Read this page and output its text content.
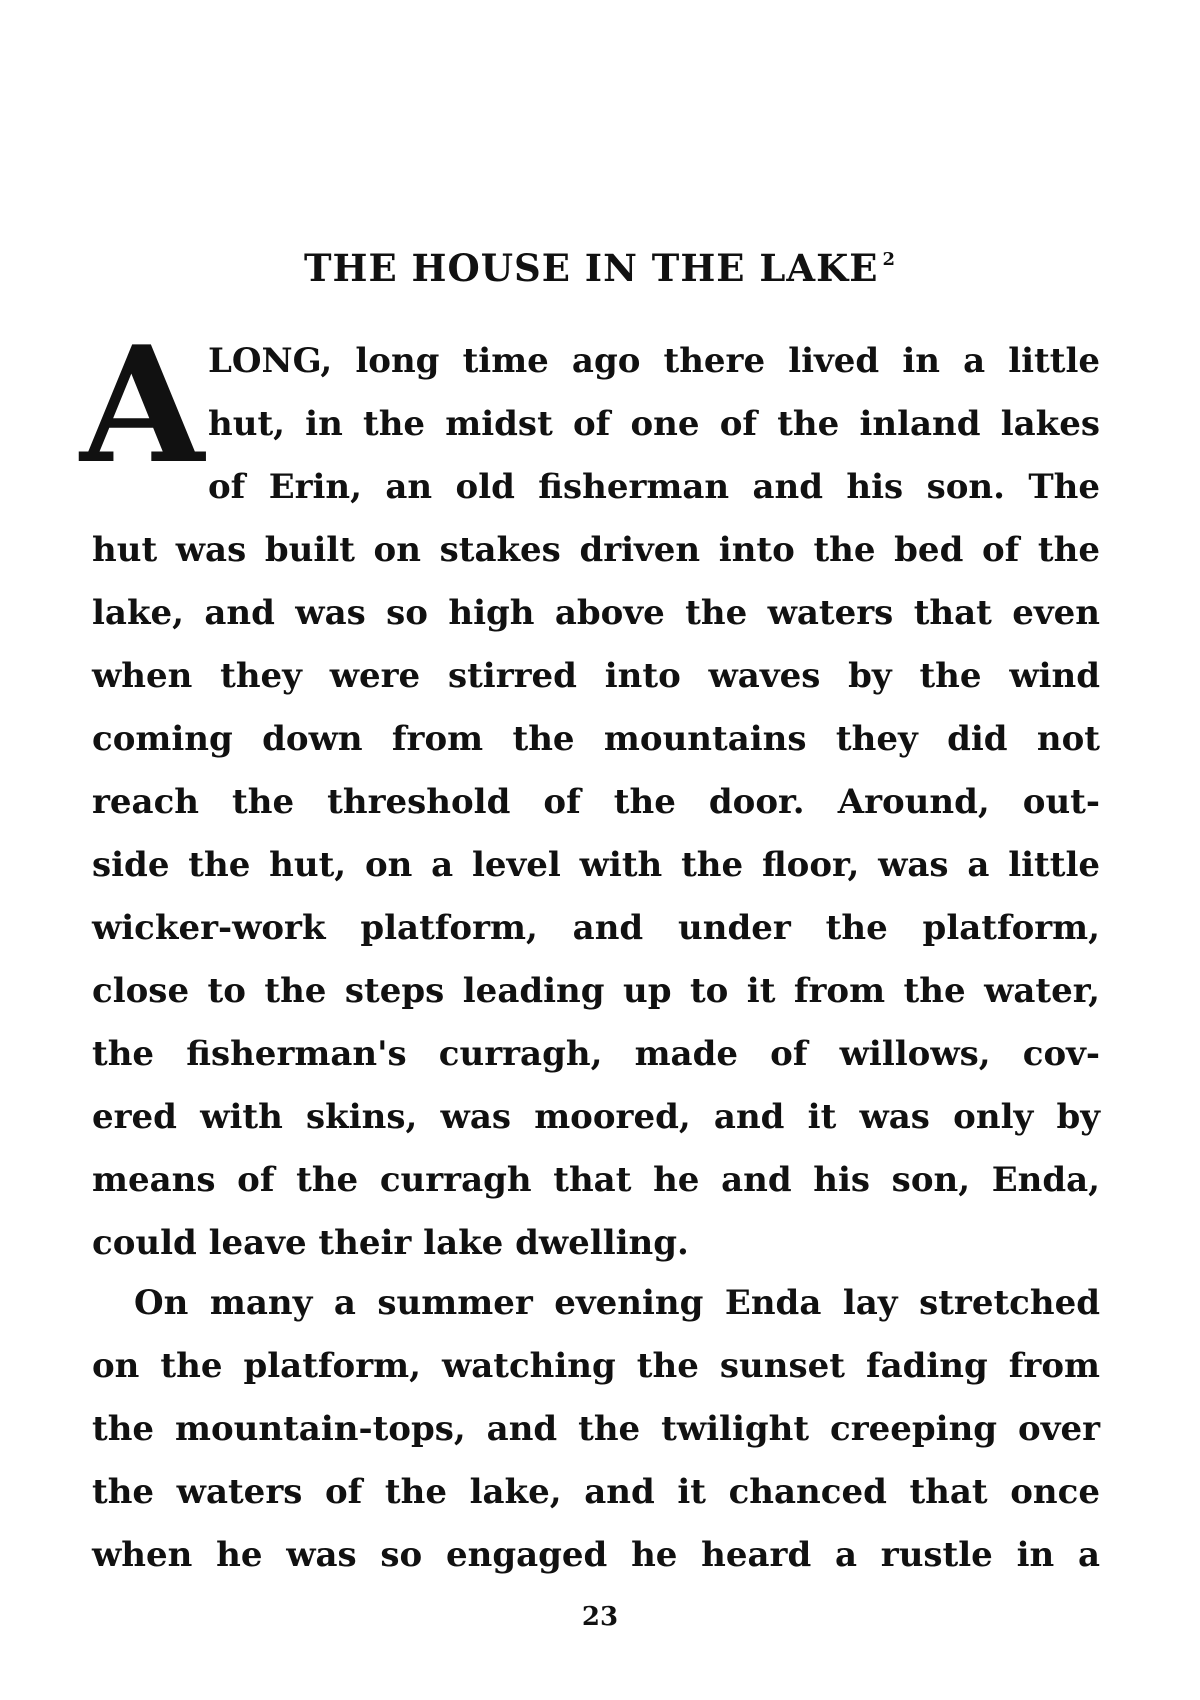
THE HOUSE IN THE LAKE $^2$
A LONG, long time ago there lived in a little
hut, in the midst of one of the inland lakes
of Erin, an old fisherman and his son. The
hut was built on stakes driven into the bed of the
lake, and was so high above the waters that even
when they were stirred into waves by the wind
coming down from the mountains they did not
reach the threshold of the door. Around, out-
side the hut, on a level with the floor, was a little
wicker-work platform, and under the platform,
close to the steps leading up to it from the water,
the fisherman's curragh, made of willows, cov-
ered with skins, was moored, and it was only by
means of the curragh that he and his son, Enda,
could leave their lake dwelling.
On many a summer evening Enda lay stretched
on the platform, watching the sunset fading from
the mountain-tops, and the twilight creeping over
the waters of the lake, and it chanced that once
when he was so engaged he heard a rustle in a
23
